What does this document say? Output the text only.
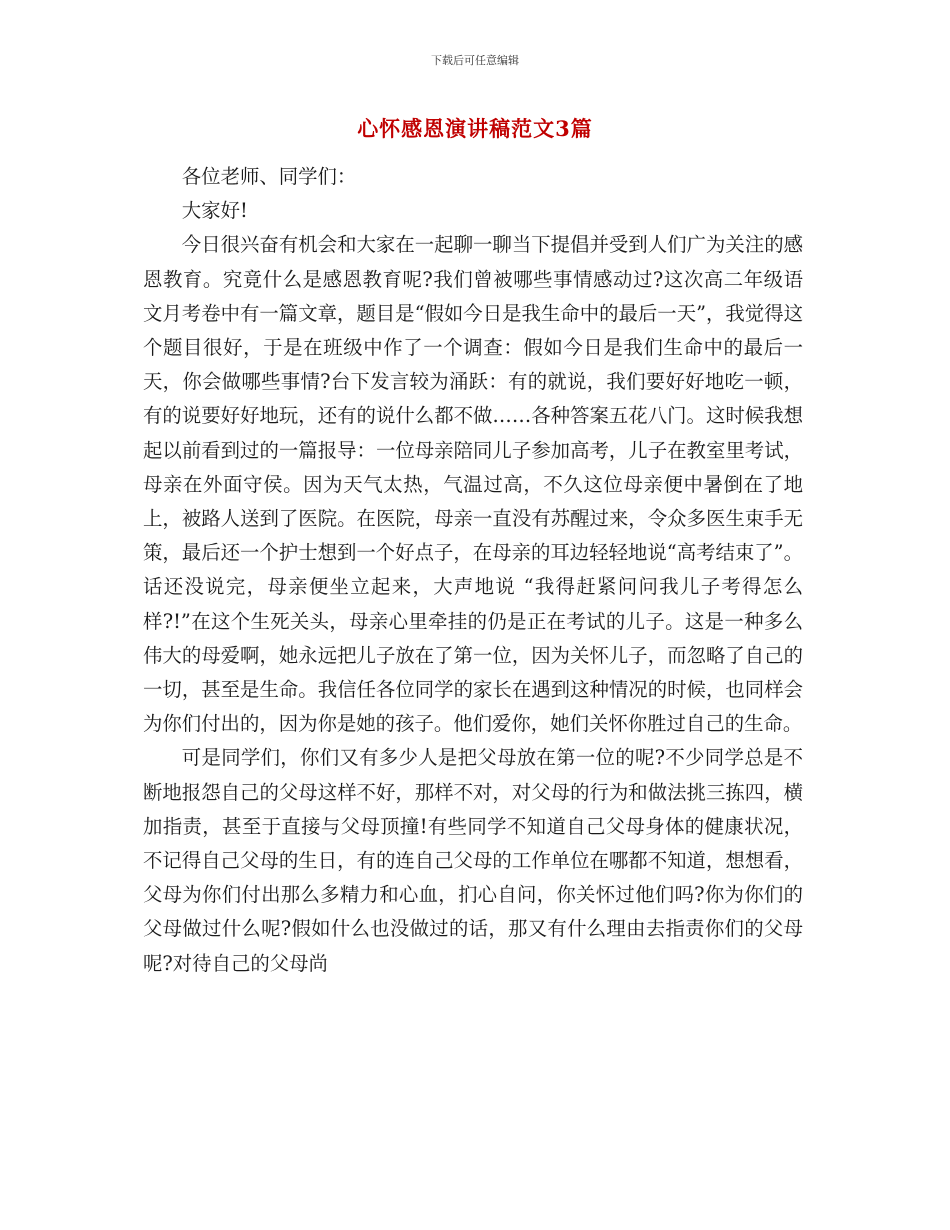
下载后可任意编辑
心怀感恩演讲稿范文3篇

各位老师、同学们：

大家好!

今日很兴奋有机会和大家在一起聊一聊当下提倡并受到人们广为关注的感恩教育。究竟什么是感恩教育呢?我们曾被哪些事情感动过?这次高二年级语文月考卷中有一篇文章，题目是“假如今日是我生命中的最后一天”，我觉得这个题目很好，于是在班级中作了一个调查：假如今日是我们生命中的最后一天，你会做哪些事情?台下发言较为涌跃：有的就说，我们要好好地吃一顿，有的说要好好地玩，还有的说什么都不做……各种答案五花八门。这时候我想起以前看到过的一篇报导：一位母亲陪同儿子参加高考，儿子在教室里考试，母亲在外面守侯。因为天气太热，气温过高，不久这位母亲便中暑倒在了地上，被路人送到了医院。在医院，母亲一直没有苏醒过来，令众多医生束手无策，最后还一个护士想到一个好点子，在母亲的耳边轻轻地说“高考结束了”。话还没说完，母亲便坐立起来，大声地说 “我得赶紧问问我儿子考得怎么样?!”在这个生死关头，母亲心里牵挂的仍是正在考试的儿子。这是一种多么伟大的母爱啊，她永远把儿子放在了第一位，因为关怀儿子，而忽略了自己的一切，甚至是生命。我信任各位同学的家长在遇到这种情况的时候，也同样会为你们付出的，因为你是她的孩子。他们爱你，她们关怀你胜过自己的生命。

可是同学们，你们又有多少人是把父母放在第一位的呢?不少同学总是不断地报怨自己的父母这样不好，那样不对，对父母的行为和做法挑三拣四，横加指责，甚至于直接与父母顶撞!有些同学不知道自己父母身体的健康状况，不记得自己父母的生日，有的连自己父母的工作单位在哪都不知道，想想看，父母为你们付出那么多精力和心血，扪心自问，你关怀过他们吗?你为你们的父母做过什么呢?假如什么也没做过的话，那又有什么理由去指责你们的父母呢?对待自己的父母尚
